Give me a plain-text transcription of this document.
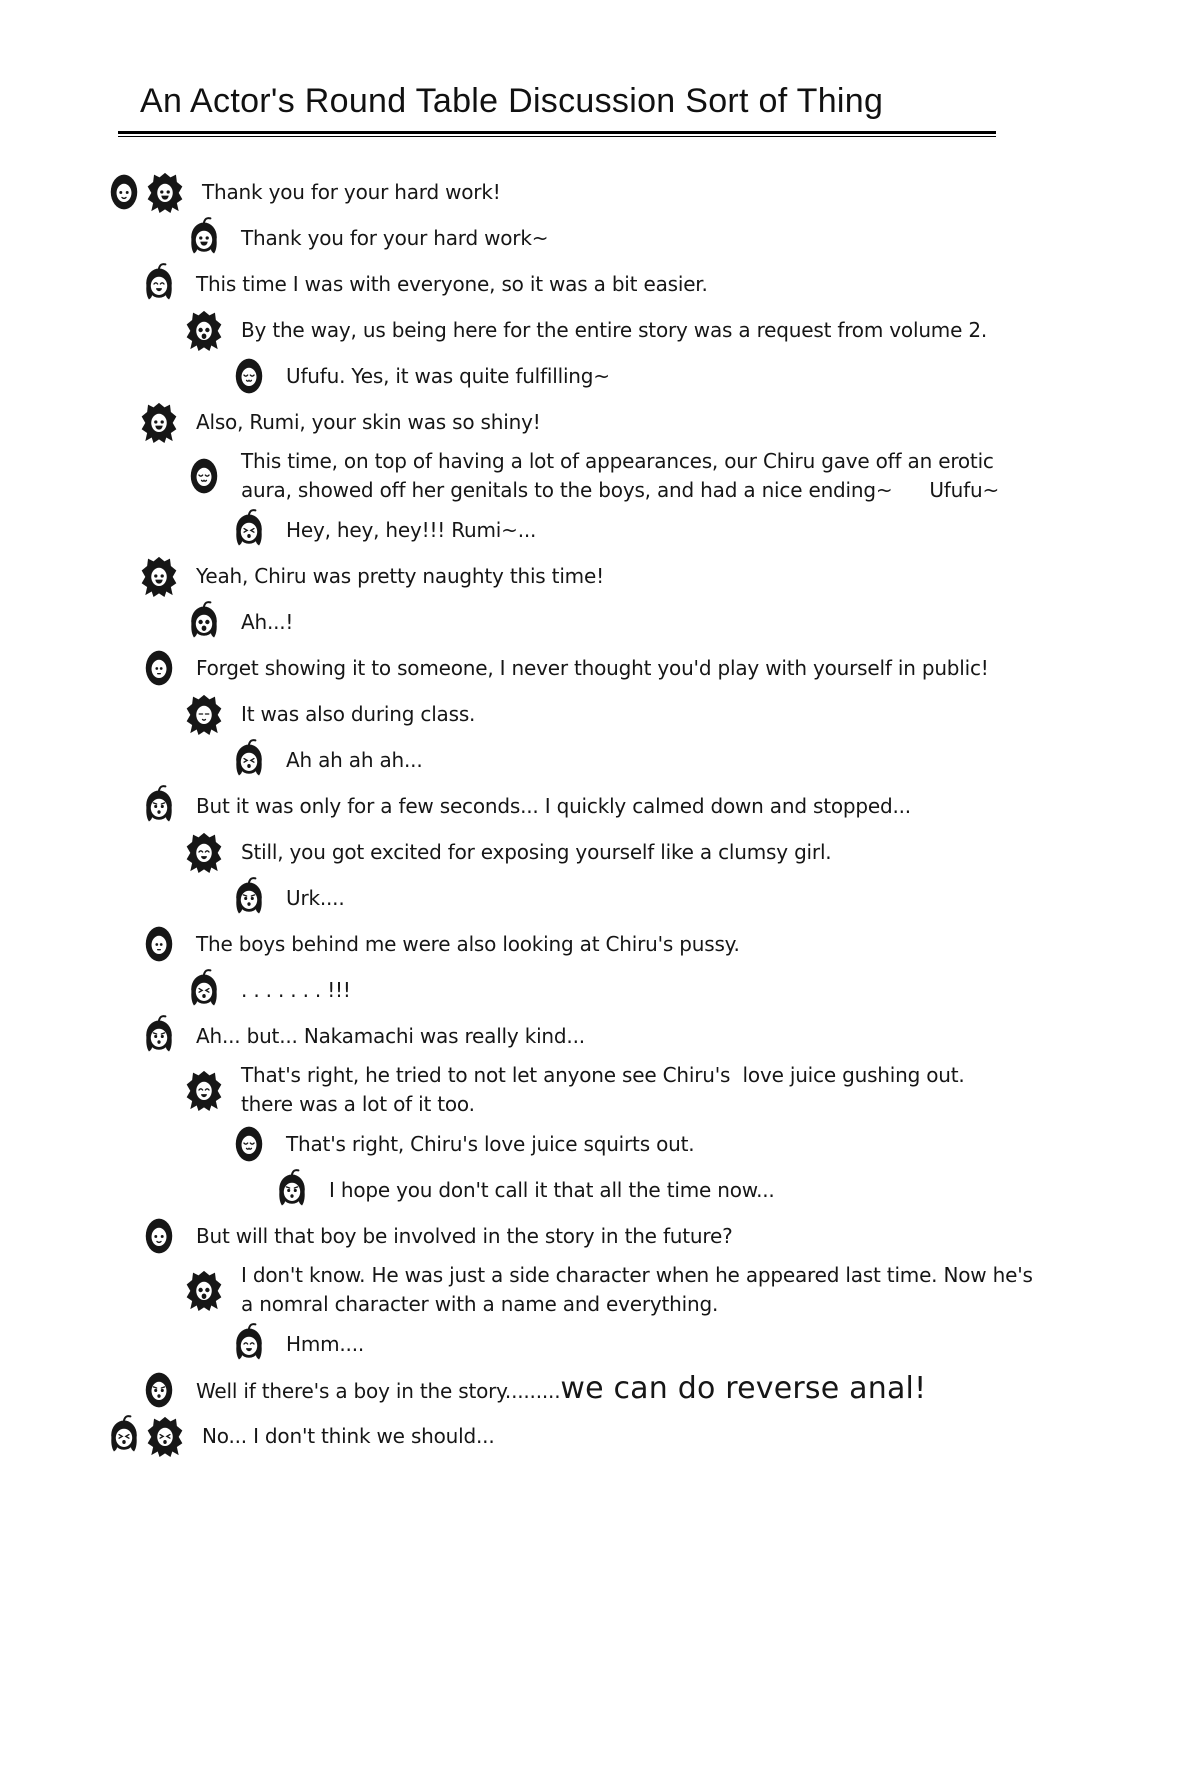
An Actor's Round Table Discussion Sort of Thing
Thank you for your hard work!
Thank you for your hard work~
This time I was with everyone, so it was a bit easier.
By the way, us being here for the entire story was a request from volume 2.
Ufufu. Yes, it was quite fulfilling~
Also, Rumi, your skin was so shiny!
This time, on top of having a lot of appearances, our Chiru gave off an erotic
aura, showed off her genitals to the boys, and had a nice ending~      Ufufu~
Hey, hey, hey!!! Rumi~...
Yeah, Chiru was pretty naughty this time!
Ah...!
Forget showing it to someone, I never thought you'd play with yourself in public!
It was also during class.
Ah ah ah ah...
But it was only for a few seconds... I quickly calmed down and stopped...
Still, you got excited for exposing yourself like a clumsy girl.
Urk....
The boys behind me were also looking at Chiru's pussy.
. . . . . . . !!!
Ah... but... Nakamachi was really kind...
That's right, he tried to not let anyone see Chiru's  love juice gushing out.
there was a lot of it too.
That's right, Chiru's love juice squirts out.
I hope you don't call it that all the time now...
But will that boy be involved in the story in the future?
I don't know. He was just a side character when he appeared last time. Now he's
a nomral character with a name and everything.
Hmm....
Well if there's a boy in the story.........we can do reverse anal!
No... I don't think we should...
